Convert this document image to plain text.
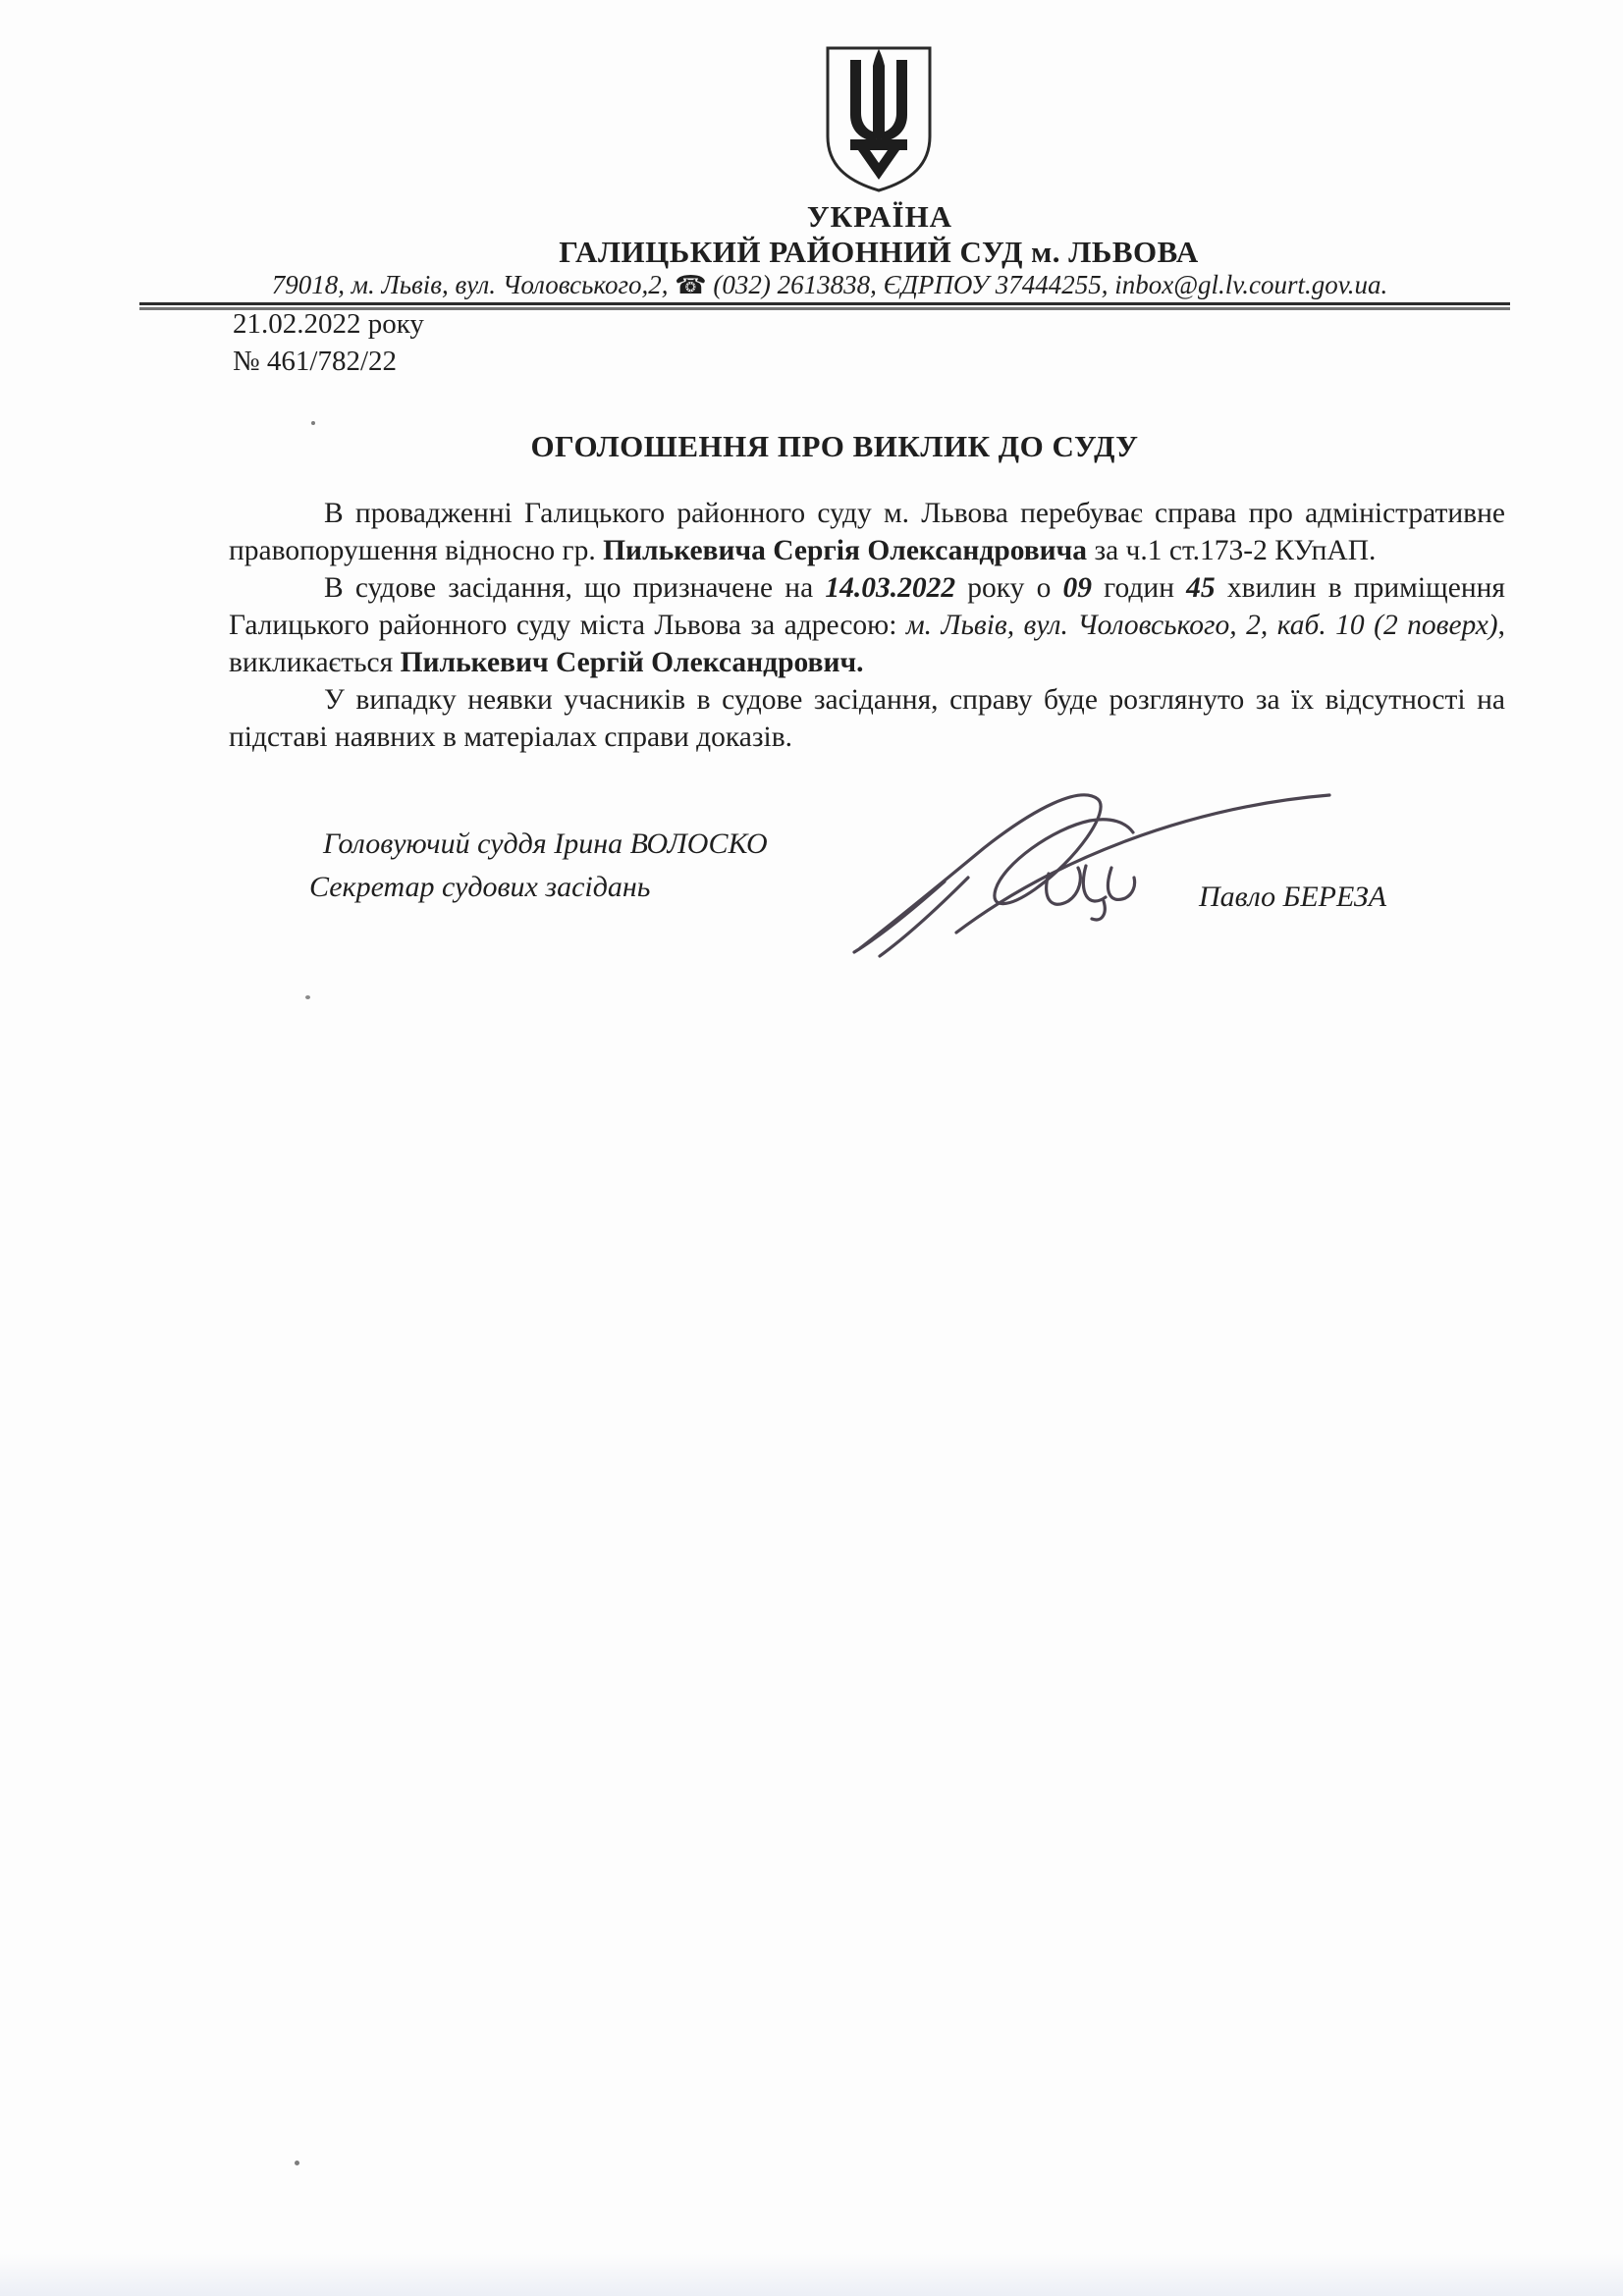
УКРАЇНА
ГАЛИЦЬКИЙ РАЙОННИЙ СУД м. ЛЬВОВА
79018, м. Львів, вул. Чоловського,2, ☎ (032) 2613838, ЄДРПОУ 37444255, inbox@gl.lv.court.gov.ua.
21.02.2022 року
№ 461/782/22
ОГОЛОШЕННЯ ПРО ВИКЛИК ДО СУДУ

В провадженні Галицького районного суду м. Львова перебуває справа про адміністративне правопорушення відносно гр. Пилькевича Сергія Олександровича за ч.1 ст.173-2 КУпАП.

В судове засідання, що призначене на 14.03.2022 року о 09 годин 45 хвилин в приміщення Галицького районного суду міста Львова за адресою: м. Львів, вул. Чоловського, 2, каб. 10 (2 поверх), викликається Пилькевич Сергій Олександрович.

У випадку неявки учасників в судове засідання, справу буде розглянуто за їх відсутності на підставі наявних в матеріалах справи доказів.

Головуючий суддя Ірина ВОЛОСКО
Секретар судових засідань	Павло БЕРЕЗА
